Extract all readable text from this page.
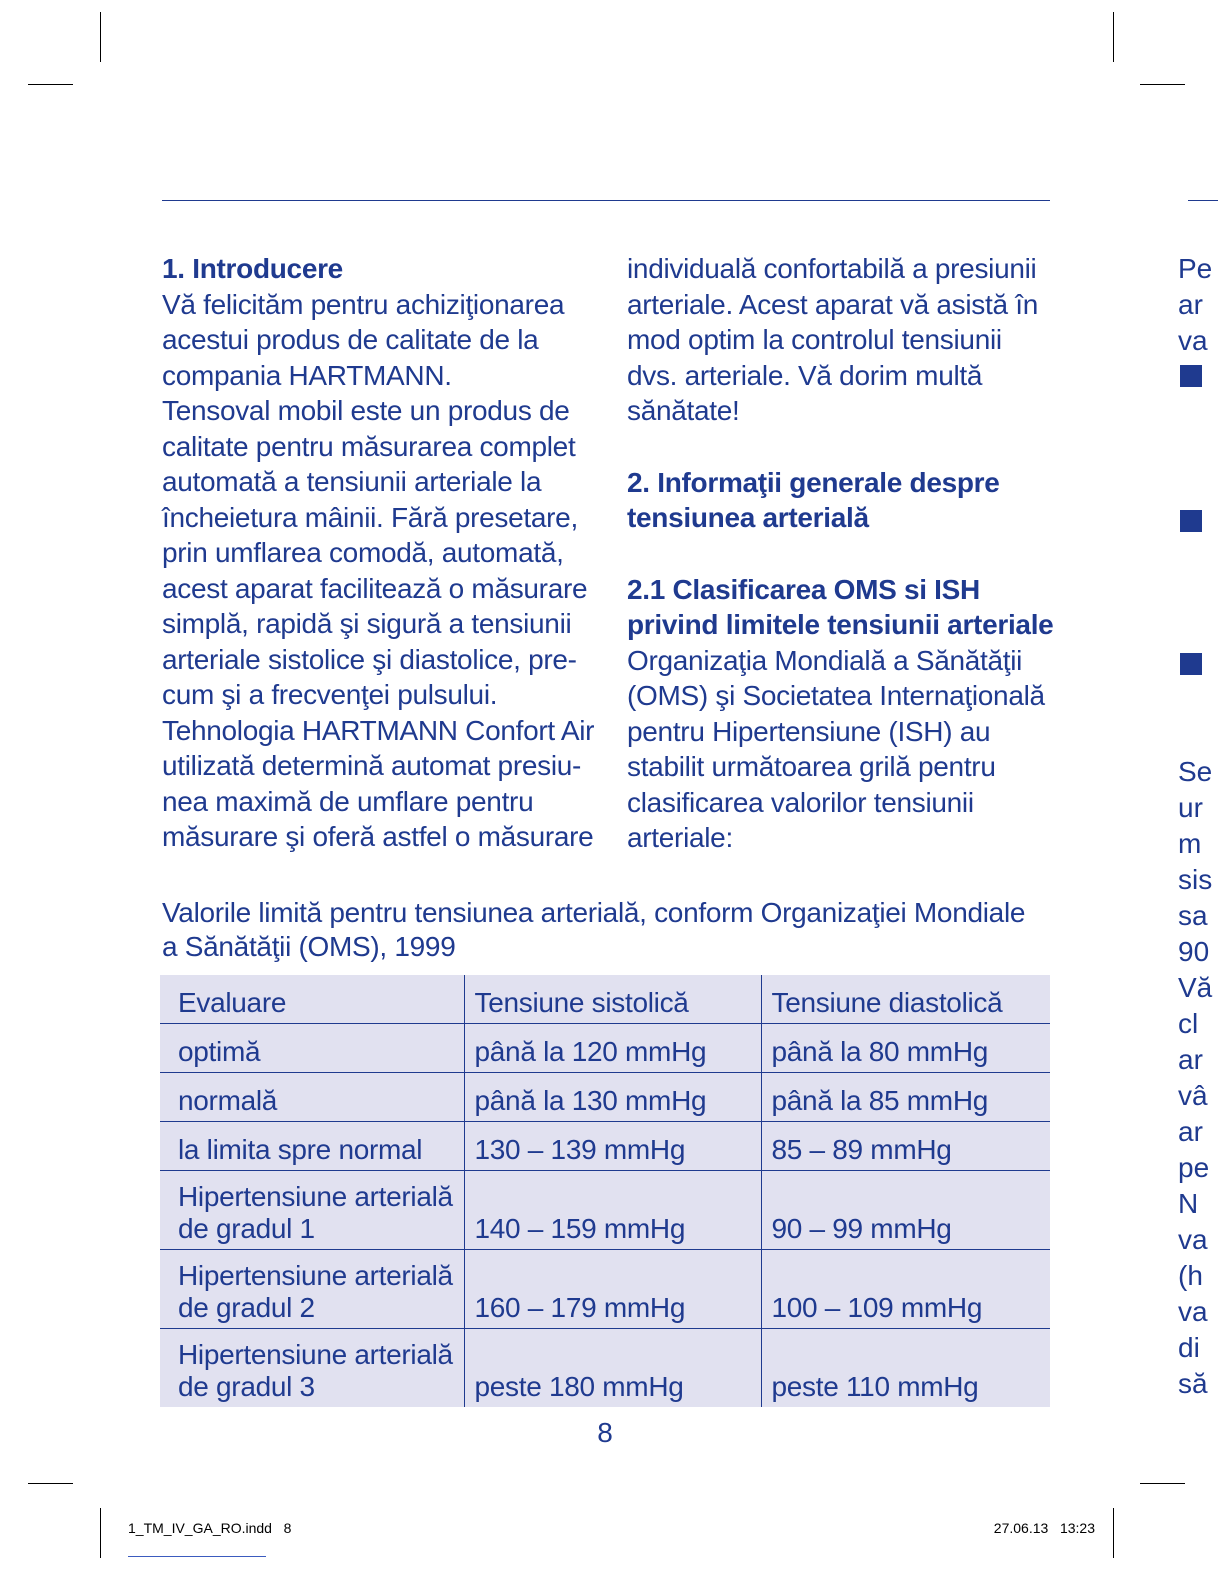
1. Introducere
Vă felicităm pentru achiziţionarea
acestui produs de calitate de la
compania HARTMANN.
Tensoval mobil este un produs de
calitate pentru măsurarea complet
automată a tensiunii arteriale la
încheietura mâinii. Fără presetare,
prin umflarea comodă, automată,
acest aparat facilitează o măsurare
simplă, rapidă şi sigură a tensiunii
arteriale sistolice şi diastolice, pre-
cum şi a frecvenţei pulsului.
Tehnologia HARTMANN Confort Air
utilizată determină automat presiu-
nea maximă de umflare pentru
măsurare şi oferă astfel o măsurare
individuală confortabilă a presiunii
arteriale. Acest aparat vă asistă în
mod optim la controlul tensiunii
dvs. arteriale. Vă dorim multă
sănătate!
2. Informaţii generale despre
tensiunea arterială
2.1 Clasificarea OMS si ISH
privind limitele tensiunii arteriale
Organizaţia Mondială a Sănătăţii
(OMS) şi Societatea Internaţională
pentru Hipertensiune (ISH) au
stabilit următoarea grilă pentru
clasificarea valorilor tensiunii
arteriale:
Valorile limită pentru tensiunea arterială, conform Organizaţiei Mondiale
a Sănătăţii (OMS), 1999
Evaluare	Tensiune sistolică	Tensiune diastolică
optimă	până la 120 mmHg	până la 80 mmHg
normală	până la 130 mmHg	până la 85 mmHg
la limita spre normal	130 – 139 mmHg	85 – 89 mmHg

Hipertensiune arterială
de gradul 1	140 – 159 mmHg	90 – 99 mmHg

Hipertensiune arterială
de gradul 2	160 – 179 mmHg	100 – 109 mmHg

Hipertensiune arterială
de gradul 3	peste 180 mmHg	peste 110 mmHg
8
1_TM_IV_GA_RO.indd   8	27.06.13   13:23
Pe
ar
va
Se
ur
m
sis
sa
90
Vă
cl
ar
vâ
ar
pe
N
va
(h
va
di
să
